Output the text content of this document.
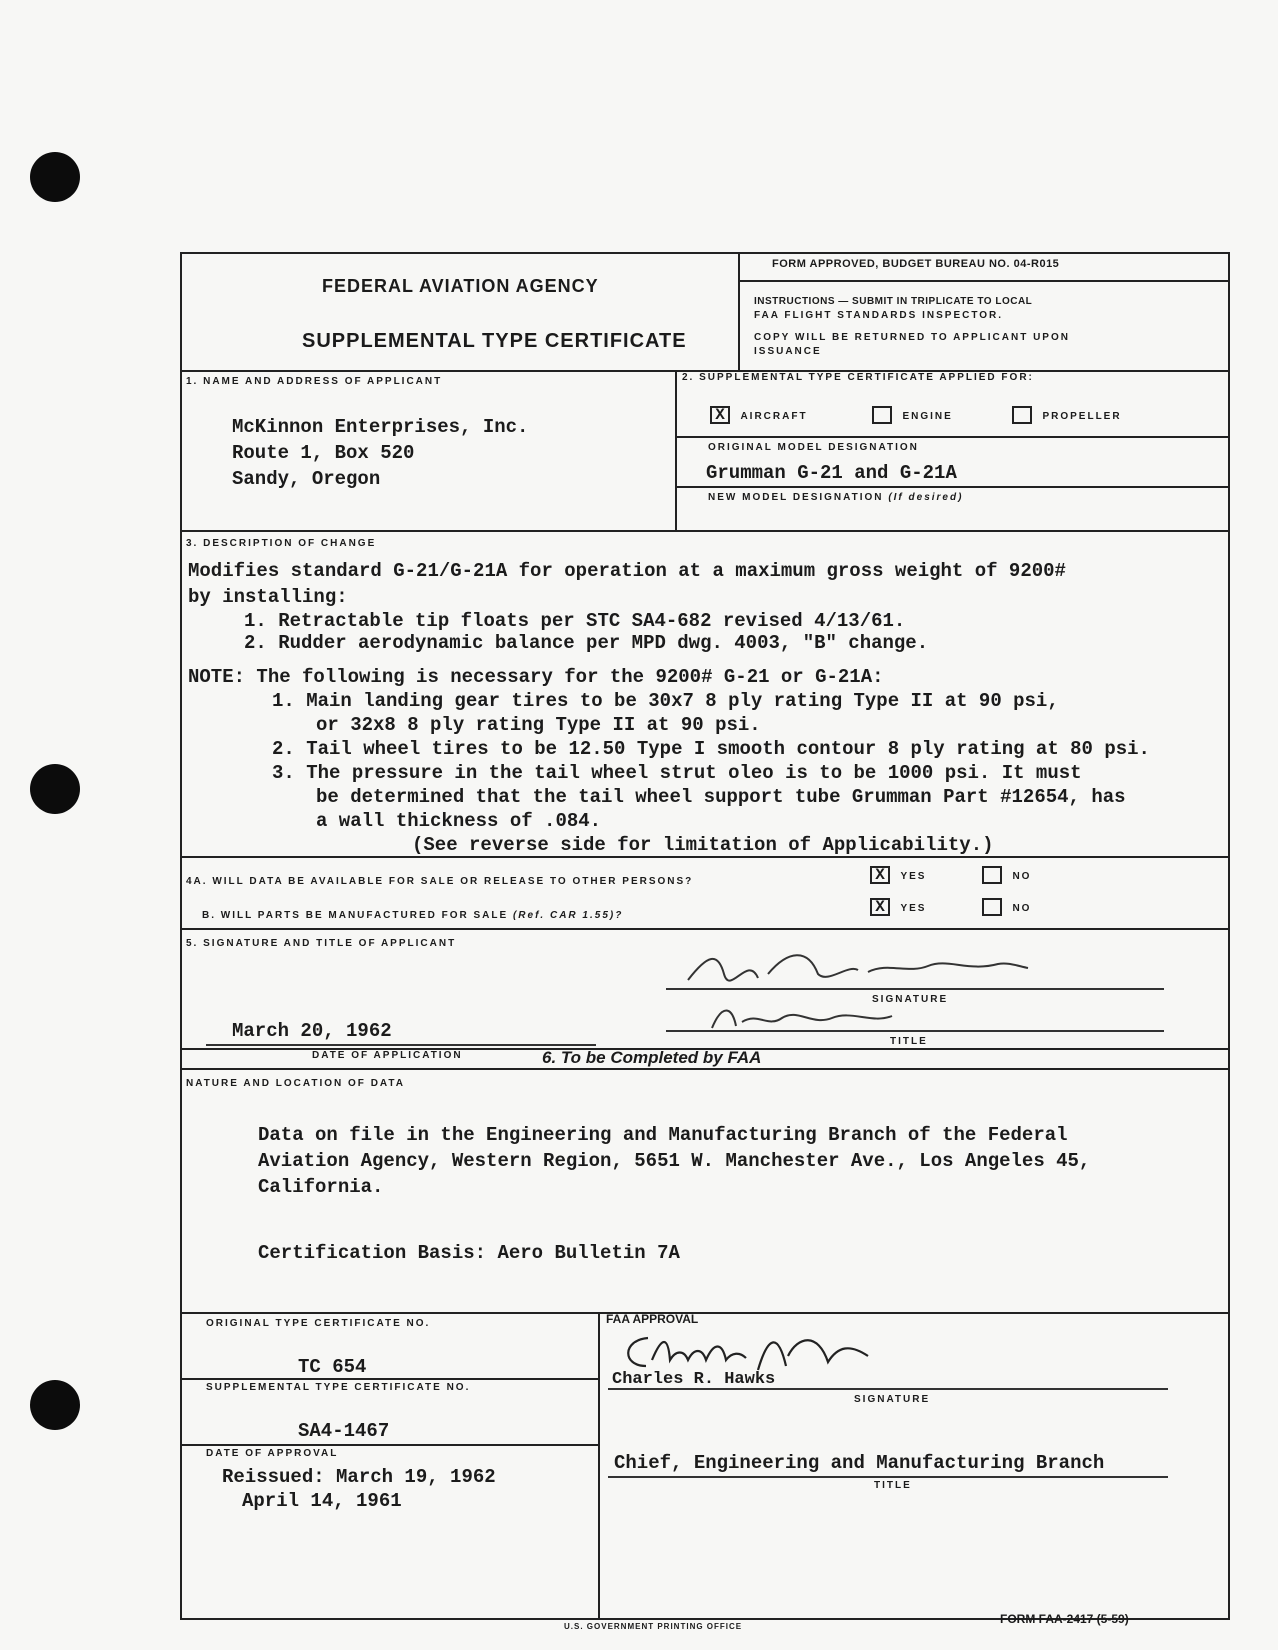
FEDERAL AVIATION AGENCY
SUPPLEMENTAL TYPE CERTIFICATE
FORM APPROVED, BUDGET BUREAU NO. 04-R015
INSTRUCTIONS — SUBMIT IN TRIPLICATE TO LOCAL
FAA FLIGHT STANDARDS INSPECTOR.
COPY WILL BE RETURNED TO APPLICANT UPON
ISSUANCE
1. NAME AND ADDRESS OF APPLICANT
McKinnon Enterprises, Inc.
Route 1, Box 520
Sandy, Oregon
2. SUPPLEMENTAL TYPE CERTIFICATE APPLIED FOR:
X AIRCRAFT	ENGINE	PROPELLER
ORIGINAL MODEL DESIGNATION
Grumman G-21 and G-21A
NEW MODEL DESIGNATION (If desired)
3. DESCRIPTION OF CHANGE
Modifies standard G-21/G-21A for operation at a maximum gross weight of 9200#
by installing:
1. Retractable tip floats per STC SA4-682 revised 4/13/61.
2. Rudder aerodynamic balance per MPD dwg. 4003, "B" change.
NOTE: The following is necessary for the 9200# G-21 or G-21A:
1. Main landing gear tires to be 30x7 8 ply rating Type II at 90 psi,
or 32x8 8 ply rating Type II at 90 psi.
2. Tail wheel tires to be 12.50 Type I smooth contour 8 ply rating at 80 psi.
3. The pressure in the tail wheel strut oleo is to be 1000 psi. It must
be determined that the tail wheel support tube Grumman Part #12654, has
a wall thickness of .084.
(See reverse side for limitation of Applicability.)
4A. WILL DATA BE AVAILABLE FOR SALE OR RELEASE TO OTHER PERSONS?	X YES	NO
B. WILL PARTS BE MANUFACTURED FOR SALE (Ref. CAR 1.55)?	X YES	NO
5. SIGNATURE AND TITLE OF APPLICANT
March 20, 1962
DATE OF APPLICATION
SIGNATURE
TITLE
6. To be Completed by FAA
NATURE AND LOCATION OF DATA
Data on file in the Engineering and Manufacturing Branch of the Federal
Aviation Agency, Western Region, 5651 W. Manchester Ave., Los Angeles 45,
California.
Certification Basis: Aero Bulletin 7A
ORIGINAL TYPE CERTIFICATE NO.
TC 654
SUPPLEMENTAL TYPE CERTIFICATE NO.
SA4-1467
DATE OF APPROVAL
Reissued: March 19, 1962
April 14, 1961
FAA APPROVAL
Charles R. Hawks
SIGNATURE
Chief, Engineering and Manufacturing Branch
TITLE
U.S. GOVERNMENT PRINTING OFFICE
FORM FAA-2417 (5-59)
